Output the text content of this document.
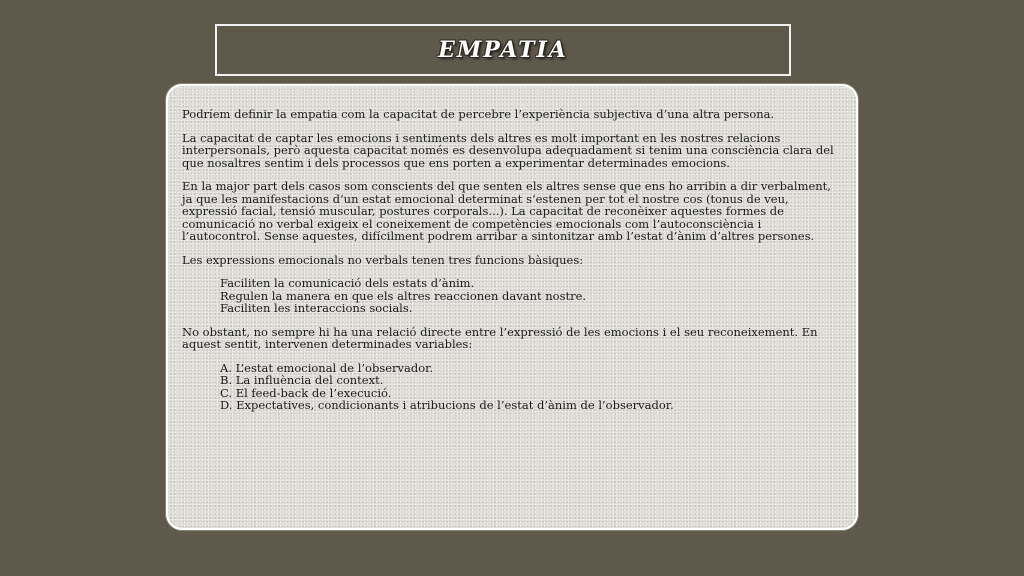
EMPATIA

Podríem definir la empatia com la capacitat de percebre l’experiència subjectiva d’una altra persona.

La capacitat de captar les emocions i sentiments dels altres es molt important en les nostres relacions interpersonals, però aquesta capacitat només es desenvolupa adequadament si tenim una consciència clara del que nosaltres sentim i dels processos que ens porten a experimentar determinades emocions.

En la major part dels casos som conscients del que senten els altres sense que ens ho arribin a dir verbalment, ja que les manifestacions d’un estat emocional determinat s’estenen per tot el nostre cos (tonus de veu, expressió facial, tensió muscular, postures corporals...). La capacitat de reconèixer aquestes formes de comunicació no verbal exigeix el coneixement de competències emocionals com l’autoconsciència i l’autocontrol. Sense aquestes, difícilment podrem arribar a sintonitzar amb l’estat d’ànim d’altres persones.

Les expressions emocionals no verbals tenen tres funcions bàsiques:

Faciliten la comunicació dels estats d’ànim.
Regulen la manera en que els altres reaccionen davant nostre.
Faciliten les interaccions socials.

No obstant, no sempre hi ha una relació directe entre l’expressió de les emocions i el seu reconeixement. En aquest sentit, intervenen determinades variables:

A. L’estat emocional de l’observador.
B. La influència del context.
C. El feed-back de l’execució.
D. Expectatives, condicionants i atribucions de l’estat d’ànim de l’observador.
